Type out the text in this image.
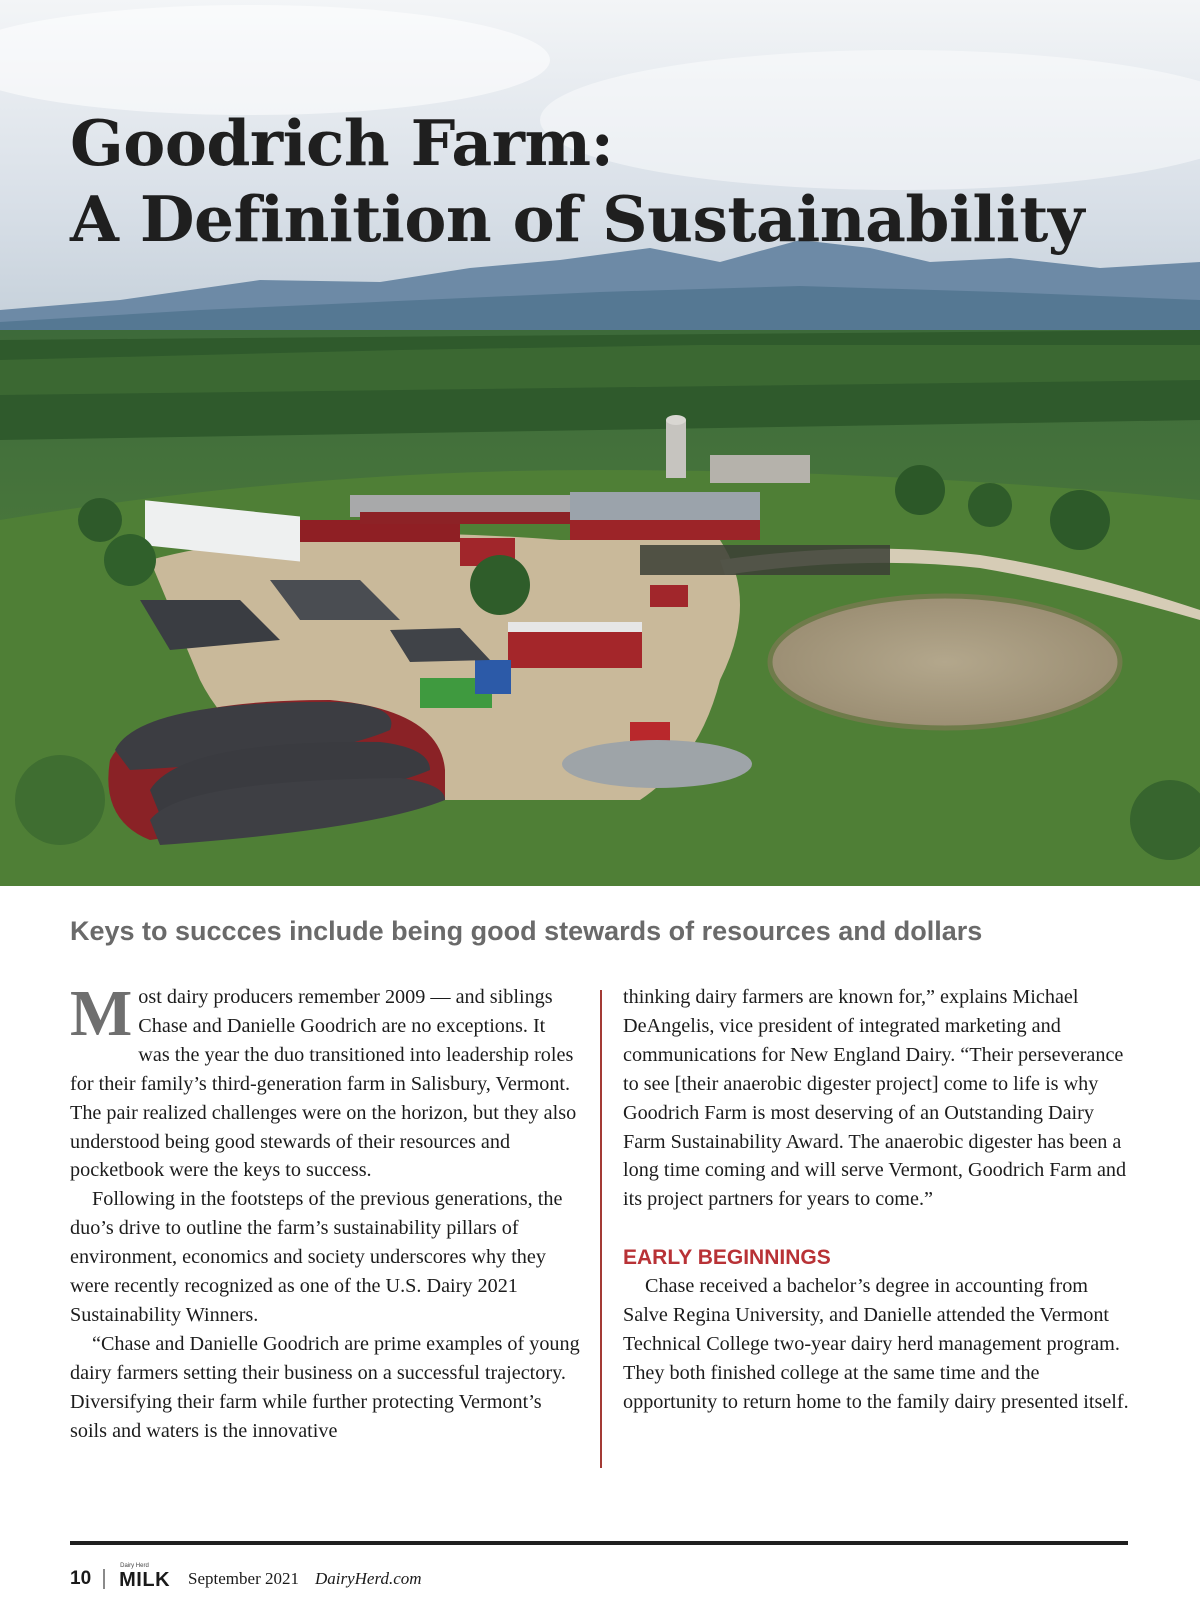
Goodrich Farm:
A Definition of Sustainability
Keys to succces include being good stewards of resources and dollars

Most dairy producers remember 2009 — and siblings Chase and Danielle Goodrich are no exceptions. It was the year the duo transitioned into leadership roles for their family’s third-generation farm in Salisbury, Vermont. The pair realized challenges were on the horizon, but they also understood being good stewards of their resources and pocketbook were the keys to success.

Following in the footsteps of the previous generations, the duo’s drive to outline the farm’s sustainability pillars of environment, economics and society underscores why they were recently recognized as one of the U.S. Dairy 2021 Sustainability Winners.

“Chase and Danielle Goodrich are prime examples of young dairy farmers setting their business on a successful trajectory. Diversifying their farm while further protecting Vermont’s soils and waters is the innovative

thinking dairy farmers are known for,” explains Michael DeAngelis, vice president of integrated marketing and communications for New England Dairy. “Their perseverance to see [their anaerobic digester project] come to life is why Goodrich Farm is most deserving of an Outstanding Dairy Farm Sustainability Award. The anaerobic digester has been a long time coming and will serve Vermont, Goodrich Farm and its project partners for years to come.”

EARLY BEGINNINGS

Chase received a bachelor’s degree in accounting from Salve Regina University, and Danielle attended the Vermont Technical College two-year dairy herd management program. They both finished college at the same time and the opportunity to return home to the family dairy presented itself.

10
Dairy Herd
MILK September 2021 DairyHerd.com
